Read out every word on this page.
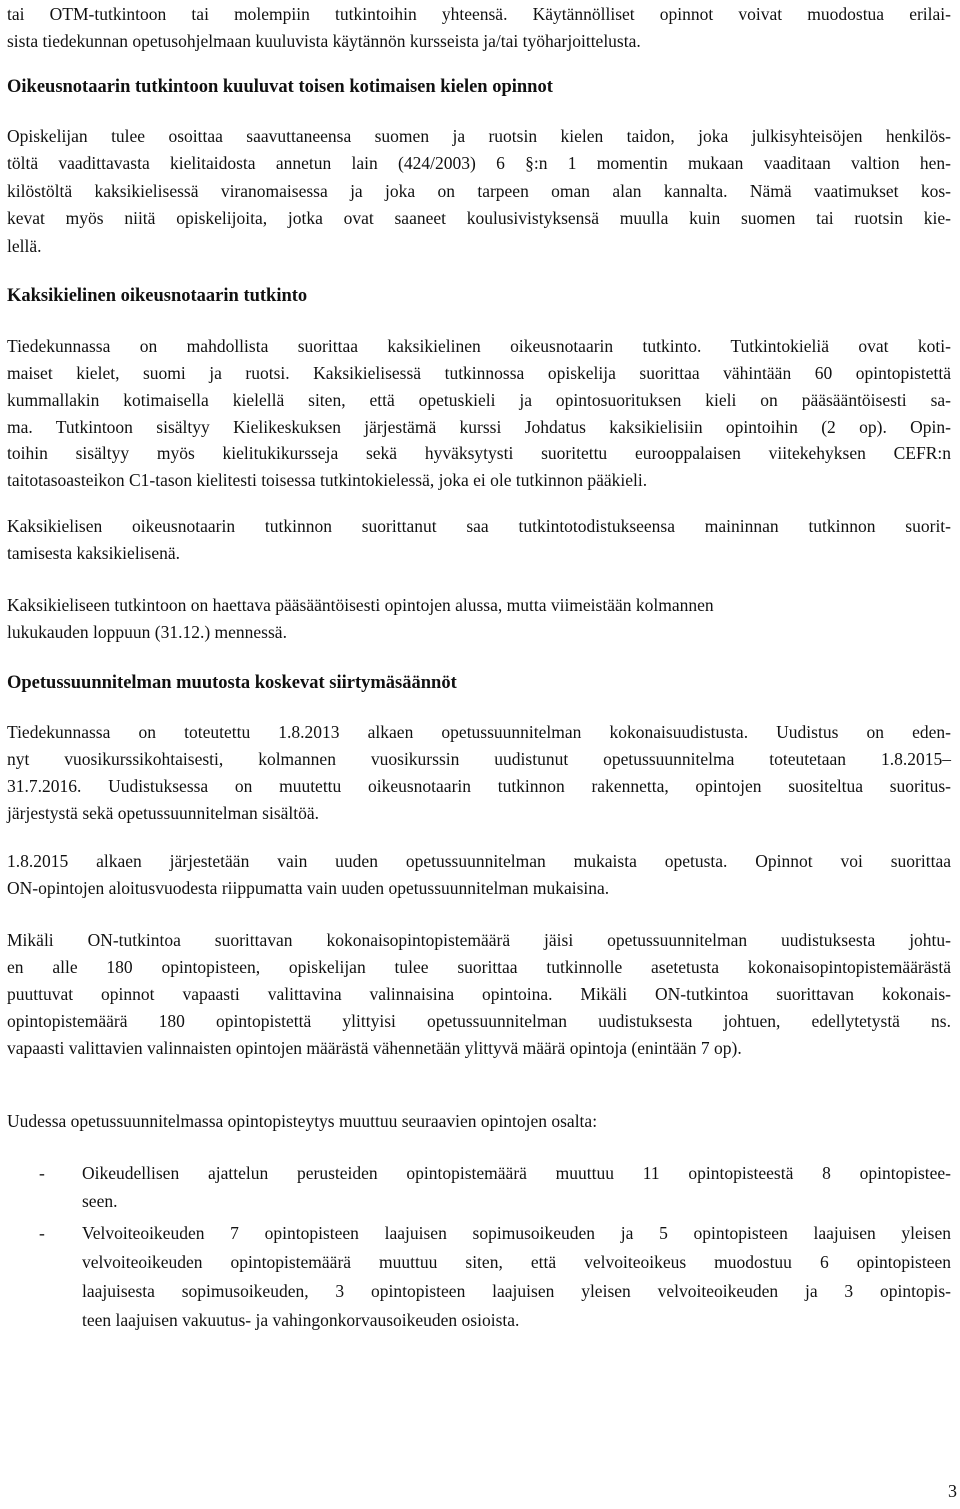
tai OTM-tutkintoon tai molempiin tutkintoihin yhteensä. Käytännölliset opinnot voivat muodostua erilai-
sista tiedekunnan opetusohjelmaan kuuluvista käytännön kursseista ja/tai työharjoittelusta.
Oikeusnotaarin tutkintoon kuuluvat toisen kotimaisen kielen opinnot
Opiskelijan tulee osoittaa saavuttaneensa suomen ja ruotsin kielen taidon, joka julkisyhteisöjen henkilös-
töltä vaadittavasta kielitaidosta annetun lain (424/2003) 6 §:n 1 momentin mukaan vaaditaan valtion hen-
kilöstöltä kaksikielisessä viranomaisessa ja joka on tarpeen oman alan kannalta. Nämä vaatimukset kos-
kevat myös niitä opiskelijoita, jotka ovat saaneet koulusivistyksensä muulla kuin suomen tai ruotsin kie-
lellä.
Kaksikielinen oikeusnotaarin tutkinto
Tiedekunnassa on mahdollista suorittaa kaksikielinen oikeusnotaarin tutkinto. Tutkintokieliä ovat koti-
maiset kielet, suomi ja ruotsi. Kaksikielisessä tutkinnossa opiskelija suorittaa vähintään 60 opintopistettä
kummallakin kotimaisella kielellä siten, että opetuskieli ja opintosuorituksen kieli on pääsääntöisesti sa-
ma. Tutkintoon sisältyy Kielikeskuksen järjestämä kurssi Johdatus kaksikielisiin opintoihin (2 op). Opin-
toihin sisältyy myös kielitukikursseja sekä hyväksytysti suoritettu eurooppalaisen viitekehyksen CEFR:n
taitotasoasteikon C1-tason kielitesti toisessa tutkintokielessä, joka ei ole tutkinnon pääkieli.
Kaksikielisen oikeusnotaarin tutkinnon suorittanut saa tutkintotodistukseensa maininnan tutkinnon suorit-
tamisesta kaksikielisenä.
Kaksikieliseen tutkintoon on haettava pääsääntöisesti opintojen alussa, mutta viimeistään kolmannen
lukukauden loppuun (31.12.) mennessä.
Opetussuunnitelman muutosta koskevat siirtymäsäännöt
Tiedekunnassa on toteutettu 1.8.2013 alkaen opetussuunnitelman kokonaisuudistusta. Uudistus on eden-
nyt vuosikurssikohtaisesti, kolmannen vuosikurssin uudistunut opetussuunnitelma toteutetaan 1.8.2015–
31.7.2016. Uudistuksessa on muutettu oikeusnotaarin tutkinnon rakennetta, opintojen suositeltua suoritus-
järjestystä sekä opetussuunnitelman sisältöä.
1.8.2015 alkaen järjestetään vain uuden opetussuunnitelman mukaista opetusta. Opinnot voi suorittaa
ON-opintojen aloitusvuodesta riippumatta vain uuden opetussuunnitelman mukaisina.
Mikäli ON-tutkintoa suorittavan kokonaisopintopistemäärä jäisi opetussuunnitelman uudistuksesta johtu-
en alle 180 opintopisteen, opiskelijan tulee suorittaa tutkinnolle asetetusta kokonaisopintopistemäärästä
puuttuvat opinnot vapaasti valittavina valinnaisina opintoina. Mikäli ON-tutkintoa suorittavan kokonais-
opintopistemäärä 180 opintopistettä ylittyisi opetussuunnitelman uudistuksesta johtuen, edellytetystä ns.
vapaasti valittavien valinnaisten opintojen määrästä vähennetään ylittyvä määrä opintoja (enintään 7 op).
Uudessa opetussuunnitelmassa opintopisteytys muuttuu seuraavien opintojen osalta:
- Oikeudellisen ajattelun perusteiden opintopistemäärä muuttuu 11 opintopisteestä 8 opintopistee-
seen.
- Velvoiteoikeuden 7 opintopisteen laajuisen sopimusoikeuden ja 5 opintopisteen laajuisen yleisen
velvoiteoikeuden opintopistemäärä muuttuu siten, että velvoiteoikeus muodostuu 6 opintopisteen
laajuisesta sopimusoikeuden, 3 opintopisteen laajuisen yleisen velvoiteoikeuden ja 3 opintopis-
teen laajuisen vakuutus- ja vahingonkorvausoikeuden osioista.
3
